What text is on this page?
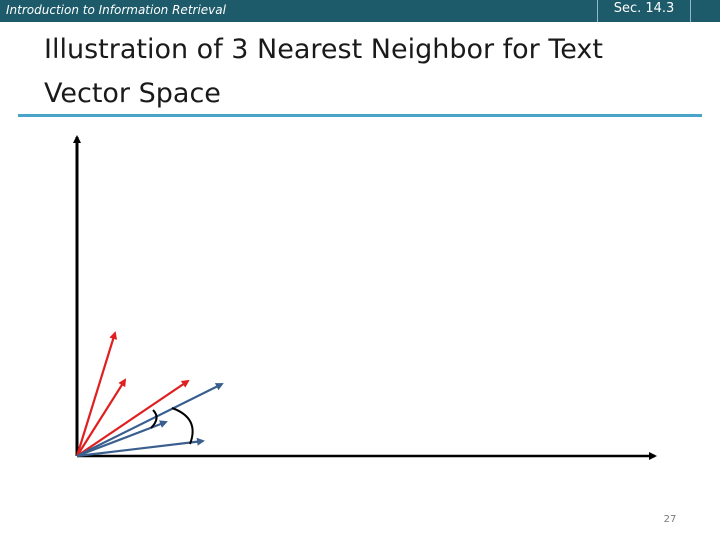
Introduction to Information Retrieval	Sec. 14.3
Illustration of 3 Nearest Neighbor for Text Vector Space
27
